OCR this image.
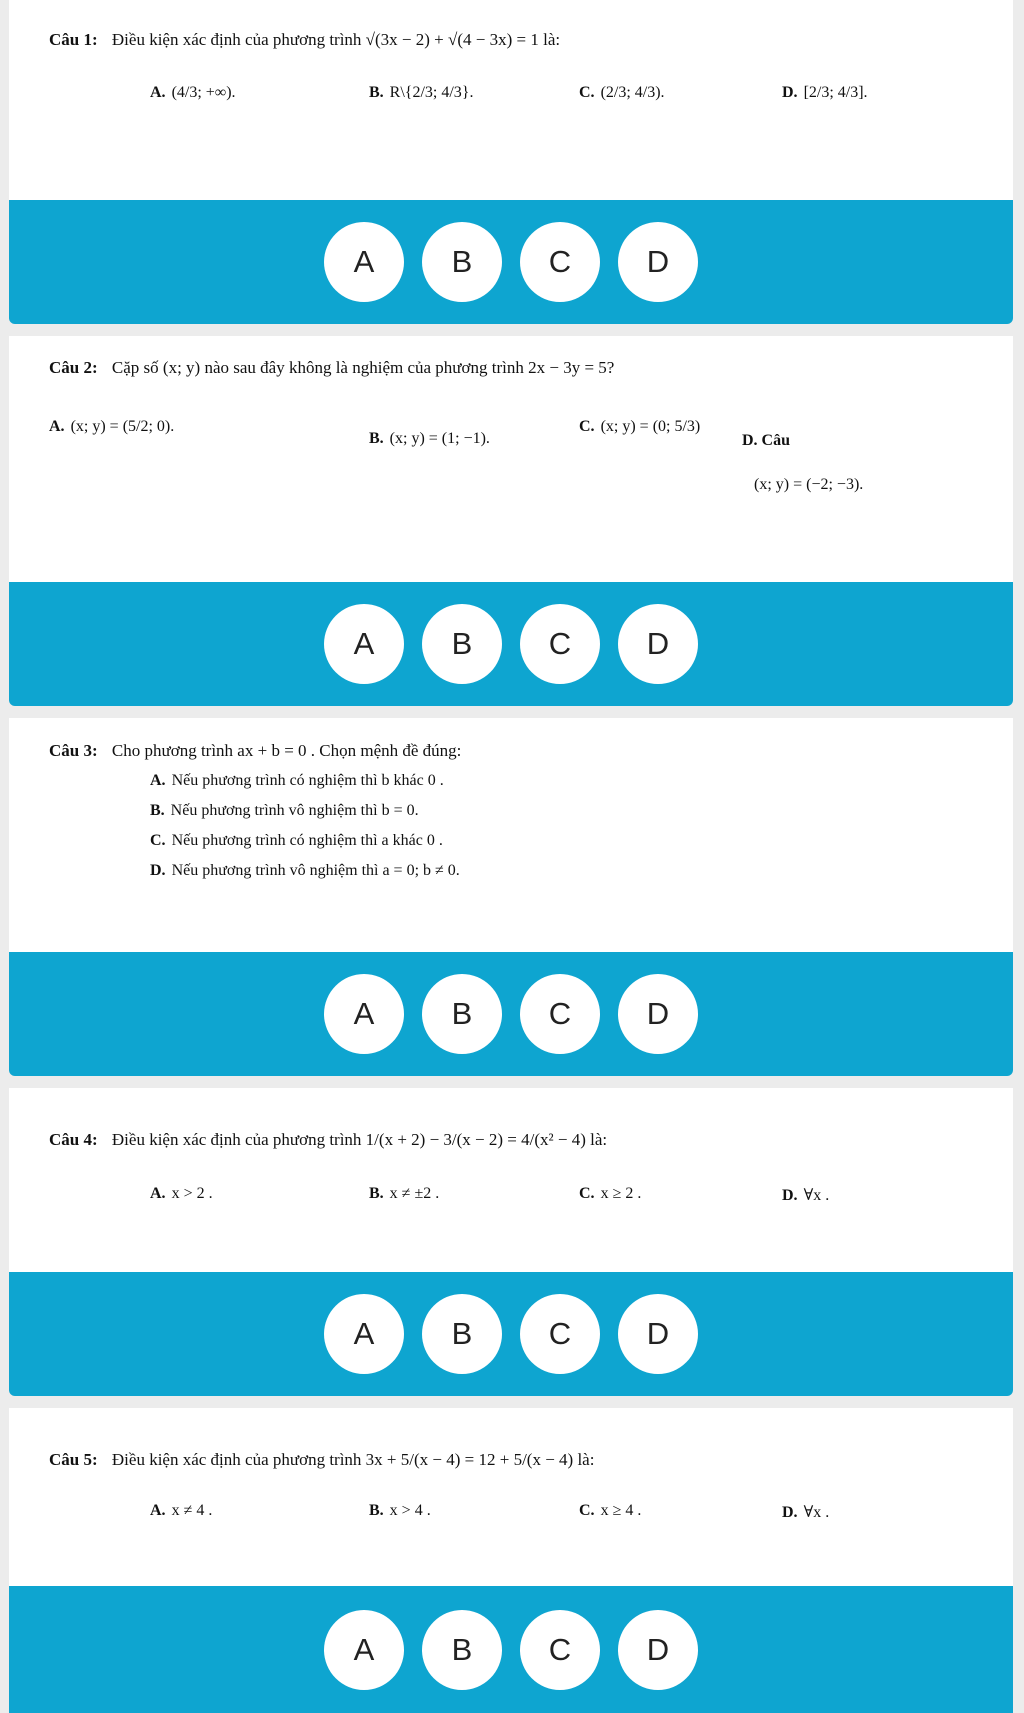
Câu 1: Điều kiện xác định của phương trình √(3x − 2) + √(4 − 3x) = 1 là:
A. (4/3; +∞).	B. R\{2/3; 4/3}.	C. (2/3; 4/3).	D. [2/3; 4/3].
A	B	C	D
Câu 2: Cặp số (x; y) nào sau đây không là nghiệm của phương trình 2x − 3y = 5?
A. (x; y) = (5/2; 0).
B. (x; y) = (1; −1).
C. (x; y) = (0; 5/3)
D. Câu
(x; y) = (−2; −3).
A	B	C	D
Câu 3: Cho phương trình ax + b = 0 . Chọn mệnh đề đúng:
A. Nếu phương trình có nghiệm thì b khác 0 .
B. Nếu phương trình vô nghiệm thì b = 0.
C. Nếu phương trình có nghiệm thì a khác 0 .
D. Nếu phương trình vô nghiệm thì a = 0; b ≠ 0.
A	B	C	D
Câu 4: Điều kiện xác định của phương trình 1/(x + 2) − 3/(x − 2) = 4/(x² − 4) là:
A. x > 2 .	B. x ≠ ±2 .	C. x ≥ 2 .	D. ∀x .
A	B	C	D
Câu 5: Điều kiện xác định của phương trình 3x + 5/(x − 4) = 12 + 5/(x − 4) là:
A. x ≠ 4 .	B. x > 4 .	C. x ≥ 4 .	D. ∀x .
A	B	C	D
